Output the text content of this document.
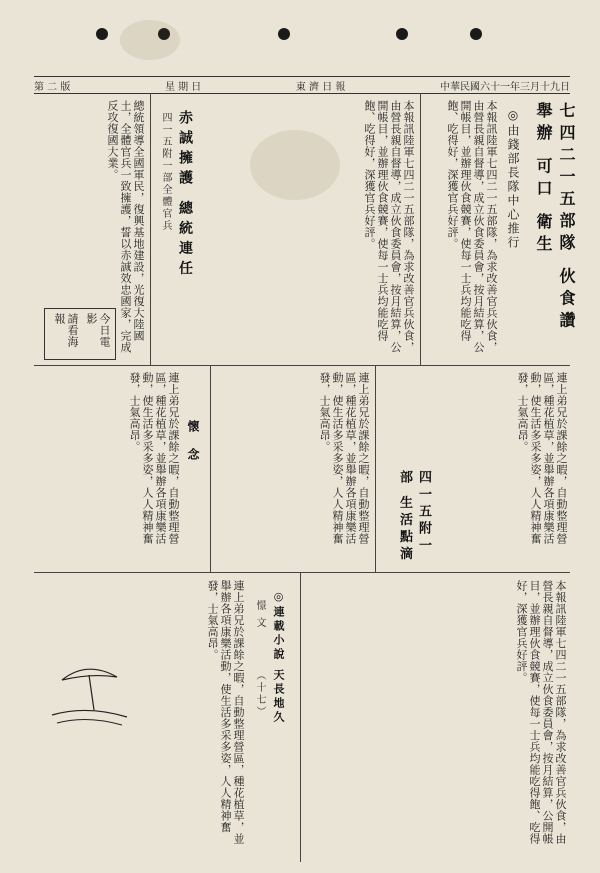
第 二 版	星 期 日	東 濟 日 報	中華民國六十一年三月十九日
七四二一五部隊 伙食讚 舉辦 可口 衛生
◎由錢部長隊中心推行
本報訊陸軍七四二一五部隊，為求改善官兵伙食，由營長親自督導，成立伙食委員會，按月結算，公開帳目，並辦理伙食競賽，使每一士兵均能吃得飽、吃得好，深獲官兵好評。
本報訊陸軍七四二一五部隊，為求改善官兵伙食，由營長親自督導，成立伙食委員會，按月結算，公開帳目，並辦理伙食競賽，使每一士兵均能吃得飽、吃得好，深獲官兵好評。
赤誠擁護 總統連任
四一五附一部全體官兵
總統領導全國軍民，復興基地建設，光復大陸國土，全體官兵一致擁護，誓以赤誠效忠國家，完成反攻復國大業。
今日電影
請看海報
四一五附一部 生活點滴	連上弟兄於課餘之暇，自動整理營區，種花植草，並舉辦各項康樂活動，使生活多采多姿，人人精神奮發，士氣高昂。
連上弟兄於課餘之暇，自動整理營區，種花植草，並舉辦各項康樂活動，使生活多采多姿，人人精神奮發，士氣高昂。
懷 念
連上弟兄於課餘之暇，自動整理營區，種花植草，並舉辦各項康樂活動，使生活多采多姿，人人精神奮發，士氣高昂。
◎連載小說 天長地久
憬 文
（十七）
連上弟兄於課餘之暇，自動整理營區，種花植草，並舉辦各項康樂活動，使生活多采多姿，人人精神奮發，士氣高昂。	本報訊陸軍七四二一五部隊，為求改善官兵伙食，由營長親自督導，成立伙食委員會，按月結算，公開帳目，並辦理伙食競賽，使每一士兵均能吃得飽、吃得好，深獲官兵好評。
